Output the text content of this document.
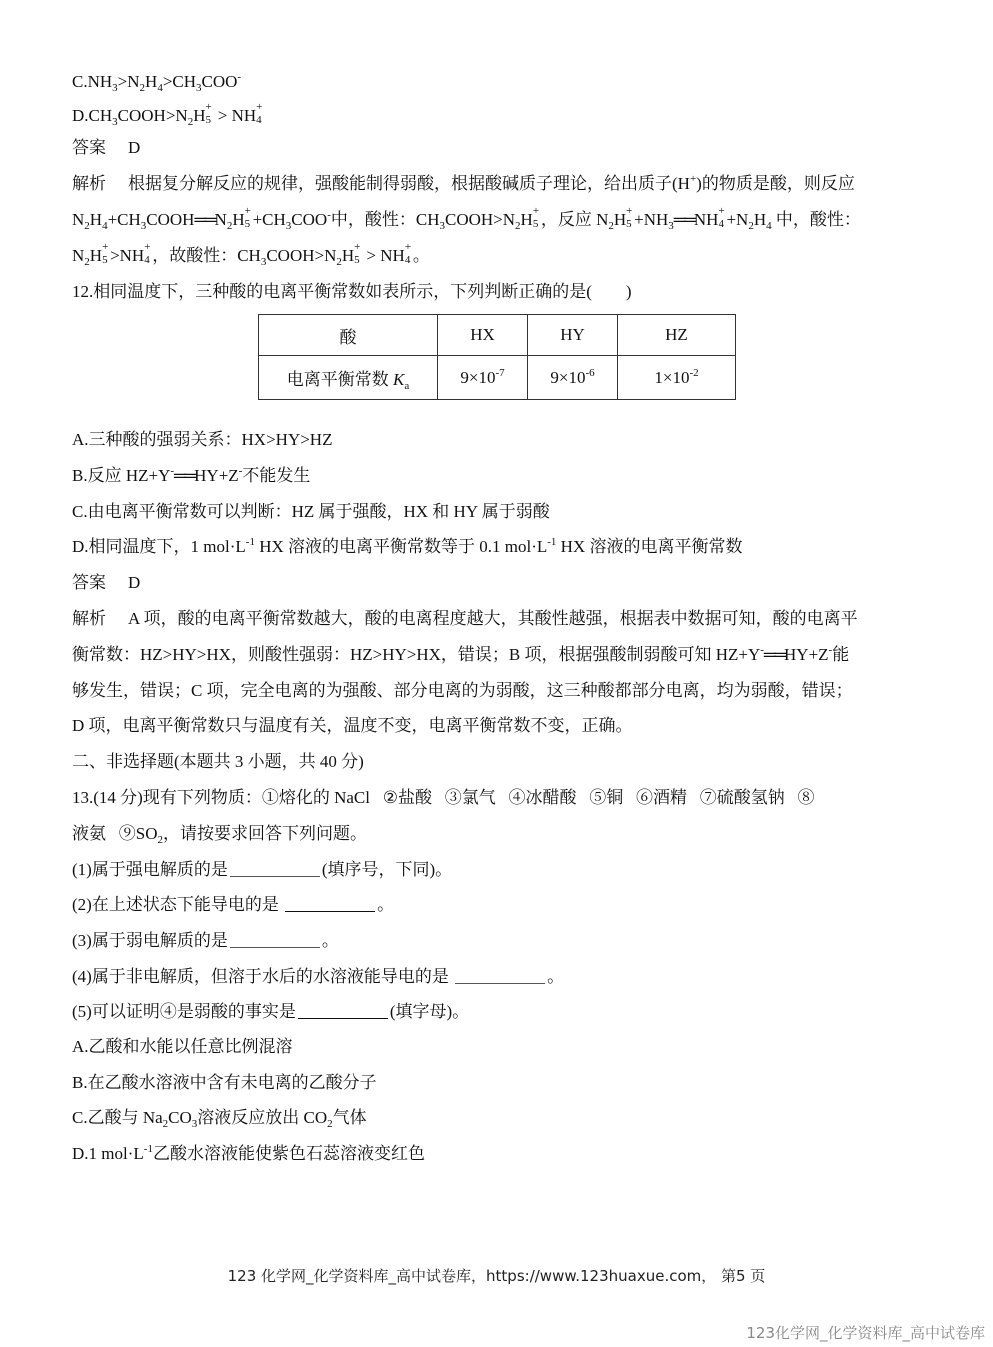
$C.NH_3>N_2H_4>CH_3COO^-$
$D.CH_3COOH>N_2H$ +
5 > NH +
4
答案 D
解析 根据复分解反应的规律，强酸能制得弱酸，根据酸碱质子理论，给出质子(H+)的物质是酸，则反应
$N_2H_4+CH_3COOH══N_2H$ +
$5 +CH_3COO^-$中，酸性：$CH_3COOH>N_2H$ +
5 ，反应 $N_2H$ +
$5 +NH_3══NH$ +
$4 +N_2H_4$ 中，酸性：
$N_2H$ +
5 >NH +
4 ，故酸性：$CH_3COOH>N_2H$ +
5 > NH +
4 。
12.相同温度下，三种酸的电离平衡常数如表所示，下列判断正确的是(　　)
酸	HX	HY	HZ
电离平衡常数 $K_a$	$9\times 10^{-7}$	$9\times 10^{-6}$	$1\times 10^{-2}$
A.三种酸的强弱关系：HX>HY>HZ
B.反应 HZ+Y-══HY+Z-不能发生
C.由电离平衡常数可以判断：HZ 属于强酸，HX 和 HY 属于弱酸
D.相同温度下，1 $mol\cdot L^{-1}$ HX 溶液的电离平衡常数等于 0.1 $mol\cdot L^{-1}$ HX 溶液的电离平衡常数
答案 D
解析 A 项，酸的电离平衡常数越大，酸的电离程度越大，其酸性越强，根据表中数据可知，酸的电离平
衡常数：HZ>HY>HX，则酸性强弱：HZ>HY>HX，错误；B 项，根据强酸制弱酸可知 HZ+Y-══HY+Z-能
够发生，错误；C 项，完全电离的为强酸、部分电离的为弱酸，这三种酸都部分电离，均为弱酸，错误；
D 项，电离平衡常数只与温度有关，温度不变，电离平衡常数不变，正确。
二、非选择题(本题共 3 小题，共 40 分)
13.(14 分)现有下列物质：①熔化的 NaCl ②盐酸 ③氯气 ④冰醋酸 ⑤铜 ⑥酒精 ⑦硫酸氢钠 ⑧
液氨 $⑨SO_2$，请按要求回答下列问题。
(1)属于强电解质的是	(填序号，下同)。
(2)在上述状态下能导电的是	。
(3)属于弱电解质的是	。
(4)属于非电解质，但溶于水后的水溶液能导电的是	。
(5)可以证明④是弱酸的事实是	(填字母)。
A.乙酸和水能以任意比例混溶
B.在乙酸水溶液中含有未电离的乙酸分子
C.乙酸与 $Na_2CO_3$溶液反应放出 $CO_2$气体
D.1 $mol\cdot L^{-1}$乙酸水溶液能使紫色石蕊溶液变红色
123 化学网_化学资料库_高中试卷库，https://www.123huaxue.com， 第5 页
123化学网_化学资料库_高中试卷库
